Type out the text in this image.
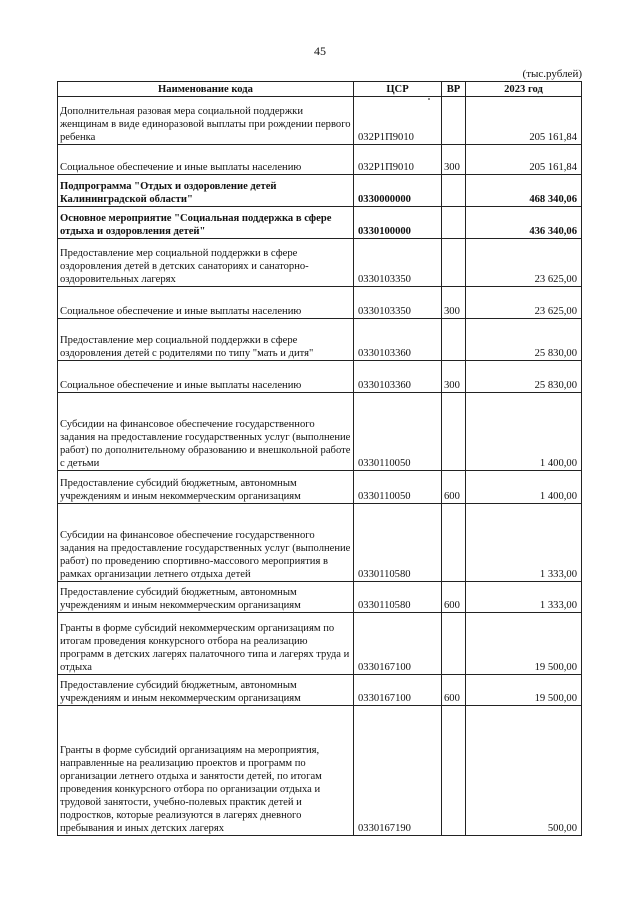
45
(тыс.рублей)
Наименование кода	ЦСР	ВР	2023 год
Дополнительная разовая мера социальной поддержки женщинам в виде единоразовой выплаты при рождении первого ребенка	032Р1П9010		205 161,84
Социальное обеспечение и иные выплаты населению	032Р1П9010	300	205 161,84
Подпрограмма "Отдых и оздоровление детей Калининградской области"	0330000000		468 340,06
Основное мероприятие "Социальная поддержка в сфере отдыха и оздоровления детей"	0330100000		436 340,06
Предоставление мер социальной поддержки в сфере оздоровления детей в детских санаториях и санаторно-оздоровительных лагерях	0330103350		23 625,00
Социальное обеспечение и иные выплаты населению	0330103350	300	23 625,00
Предоставление мер социальной поддержки в сфере оздоровления детей с родителями по типу "мать и дитя"	0330103360		25 830,00
Социальное обеспечение и иные выплаты населению	0330103360	300	25 830,00
Субсидии на финансовое обеспечение государственного задания на предоставление государственных услуг (выполнение работ) по дополнительному образованию и внешкольной работе с детьми	0330110050		1 400,00
Предоставление субсидий бюджетным, автономным учреждениям и иным некоммерческим организациям	0330110050	600	1 400,00
Субсидии на финансовое обеспечение государственного задания на предоставление государственных услуг (выполнение работ) по проведению спортивно-массового мероприятия в рамках организации летнего отдыха детей	0330110580		1 333,00
Предоставление субсидий бюджетным, автономным учреждениям и иным некоммерческим организациям	0330110580	600	1 333,00
Гранты в форме субсидий некоммерческим организациям по итогам проведения конкурсного отбора на реализацию программ в детских лагерях палаточного типа и лагерях труда и отдыха	0330167100		19 500,00
Предоставление субсидий бюджетным, автономным учреждениям и иным некоммерческим организациям	0330167100	600	19 500,00
Гранты в форме субсидий организациям на мероприятия, направленные на реализацию проектов и программ по организации летнего отдыха и занятости детей, по итогам проведения конкурсного отбора по организации отдыха и трудовой занятости, учебно-полевых практик детей и подростков, которые реализуются в лагерях дневного пребывания и иных детских лагерях	0330167190		500,00
